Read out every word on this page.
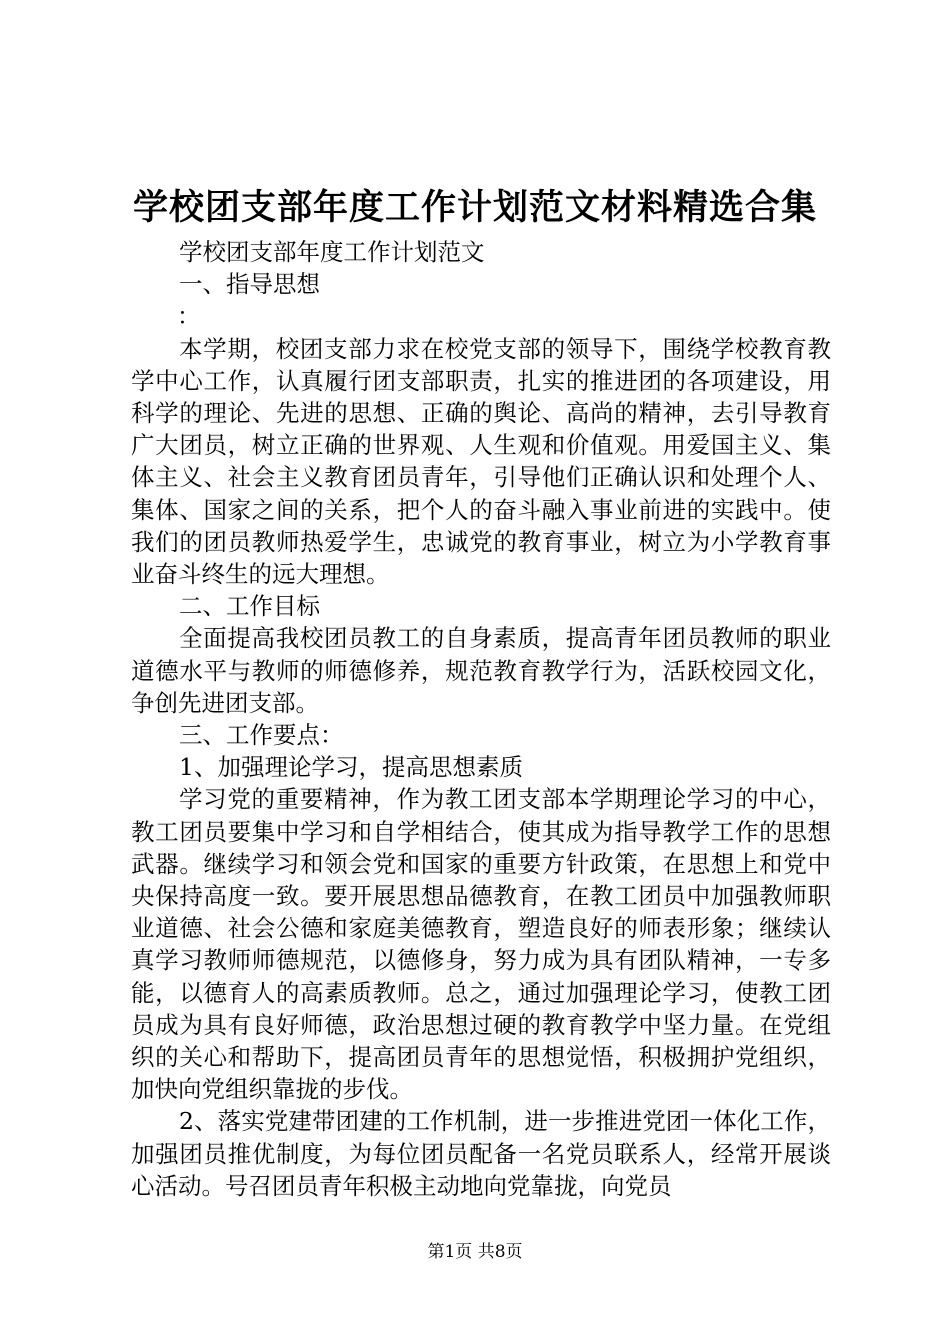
学校团支部年度工作计划范文材料精选合集

学校团支部年度工作计划范文

一、指导思想

：

本学期，校团支部力求在校党支部的领导下，围绕学校教育教学中心工作，认真履行团支部职责，扎实的推进团的各项建设，用科学的理论、先进的思想、正确的舆论、高尚的精神，去引导教育广大团员，树立正确的世界观、人生观和价值观。用爱国主义、集体主义、社会主义教育团员青年，引导他们正确认识和处理个人、集体、国家之间的关系，把个人的奋斗融入事业前进的实践中。使我们的团员教师热爱学生，忠诚党的教育事业，树立为小学教育事业奋斗终生的远大理想。

二、工作目标

全面提高我校团员教工的自身素质，提高青年团员教师的职业道德水平与教师的师德修养，规范教育教学行为，活跃校园文化，争创先进团支部。

三、工作要点：

1、加强理论学习，提高思想素质

学习党的重要精神，作为教工团支部本学期理论学习的中心，教工团员要集中学习和自学相结合，使其成为指导教学工作的思想武器。继续学习和领会党和国家的重要方针政策，在思想上和党中央保持高度一致。要开展思想品德教育，在教工团员中加强教师职业道德、社会公德和家庭美德教育，塑造良好的师表形象；继续认真学习教师师德规范，以德修身，努力成为具有团队精神，一专多能，以德育人的高素质教师。总之，通过加强理论学习，使教工团员成为具有良好师德，政治思想过硬的教育教学中坚力量。在党组织的关心和帮助下，提高团员青年的思想觉悟，积极拥护党组织，加快向党组织靠拢的步伐。

2、落实党建带团建的工作机制，进一步推进党团一体化工作，加强团员推优制度，为每位团员配备一名党员联系人，经常开展谈心活动。号召团员青年积极主动地向党靠拢，向党员

第1页 共8页
